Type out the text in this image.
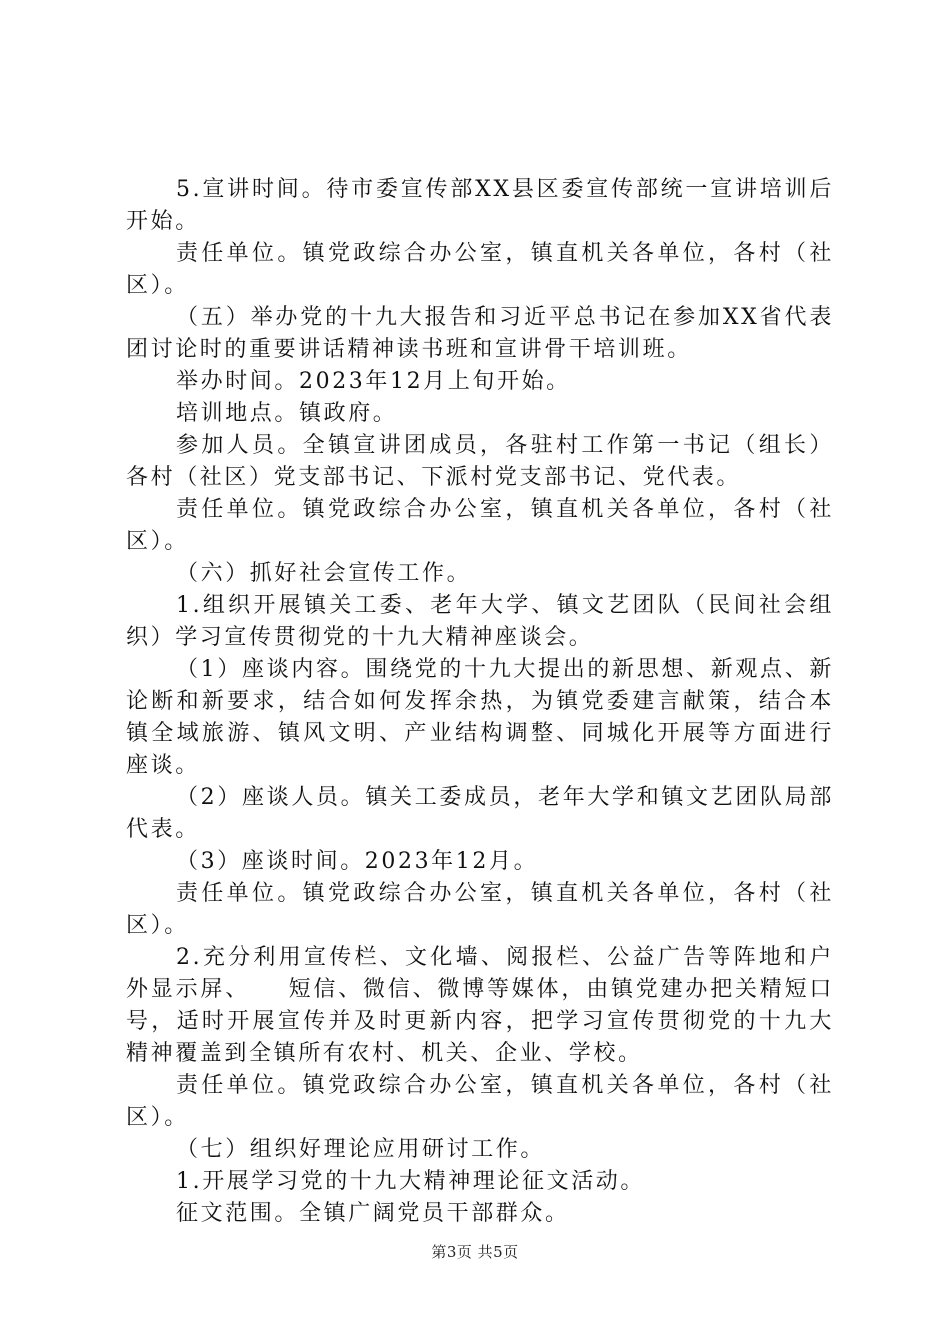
5.宣讲时间。待市委宣传部XX县区委宣传部统一宣讲培训后开始。

责任单位。镇党政综合办公室，镇直机关各单位，各村（社区）。

（五）举办党的十九大报告和习近平总书记在参加XX省代表团讨论时的重要讲话精神读书班和宣讲骨干培训班。

举办时间。2023年12月上旬开始。

培训地点。镇政府。

参加人员。全镇宣讲团成员，各驻村工作第一书记（组长）各村（社区）党支部书记、下派村党支部书记、党代表。

责任单位。镇党政综合办公室，镇直机关各单位，各村（社区）。

（六）抓好社会宣传工作。

1.组织开展镇关工委、老年大学、镇文艺团队（民间社会组织）学习宣传贯彻党的十九大精神座谈会。

（1）座谈内容。围绕党的十九大提出的新思想、新观点、新论断和新要求，结合如何发挥余热，为镇党委建言献策，结合本镇全域旅游、镇风文明、产业结构调整、同城化开展等方面进行座谈。

（2）座谈人员。镇关工委成员，老年大学和镇文艺团队局部代表。

（3）座谈时间。2023年12月。

责任单位。镇党政综合办公室，镇直机关各单位，各村（社区）。

2.充分利用宣传栏、文化墙、阅报栏、公益广告等阵地和户外显示屏、　　短信、微信、微博等媒体，由镇党建办把关精短口号，适时开展宣传并及时更新内容，把学习宣传贯彻党的十九大精神覆盖到全镇所有农村、机关、企业、学校。

责任单位。镇党政综合办公室，镇直机关各单位，各村（社区）。

（七）组织好理论应用研讨工作。

1.开展学习党的十九大精神理论征文活动。

征文范围。全镇广阔党员干部群众。

第3页 共5页
